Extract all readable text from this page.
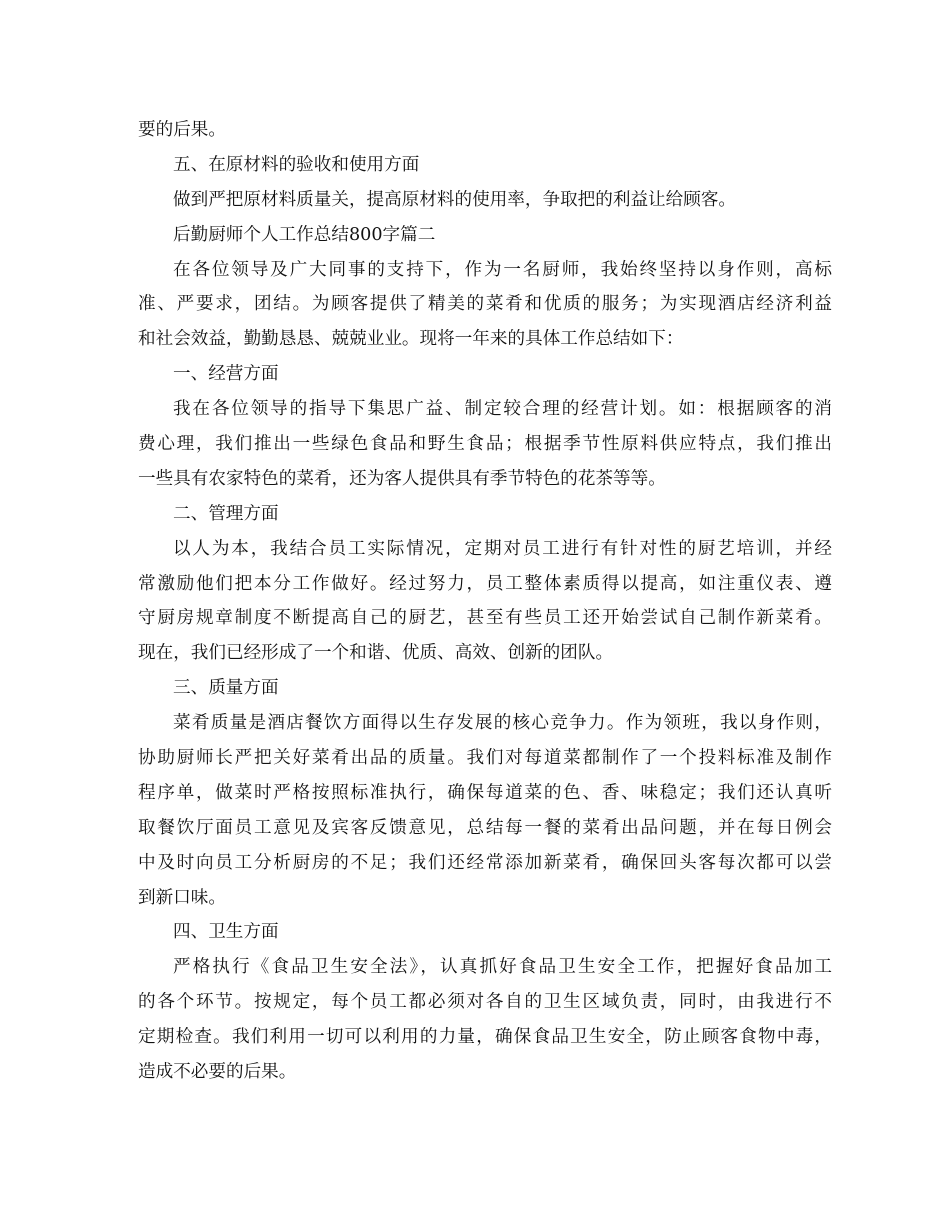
要的后果。
五、在原材料的验收和使用方面
做到严把原材料质量关，提高原材料的使用率，争取把的利益让给顾客。
后勤厨师个人工作总结800字篇二
在各位领导及广大同事的支持下，作为一名厨师，我始终坚持以身作则，高标
准、严要求，团结。为顾客提供了精美的菜肴和优质的服务；为实现酒店经济利益
和社会效益，勤勤恳恳、兢兢业业。现将一年来的具体工作总结如下：
一、经营方面
我在各位领导的指导下集思广益、制定较合理的经营计划。如：根据顾客的消
费心理，我们推出一些绿色食品和野生食品；根据季节性原料供应特点，我们推出
一些具有农家特色的菜肴，还为客人提供具有季节特色的花茶等等。
二、管理方面
以人为本，我结合员工实际情况，定期对员工进行有针对性的厨艺培训，并经
常激励他们把本分工作做好。经过努力，员工整体素质得以提高，如注重仪表、遵
守厨房规章制度不断提高自己的厨艺，甚至有些员工还开始尝试自己制作新菜肴。
现在，我们已经形成了一个和谐、优质、高效、创新的团队。
三、质量方面
菜肴质量是酒店餐饮方面得以生存发展的核心竞争力。作为领班，我以身作则，
协助厨师长严把关好菜肴出品的质量。我们对每道菜都制作了一个投料标准及制作
程序单，做菜时严格按照标准执行，确保每道菜的色、香、味稳定；我们还认真听
取餐饮厅面员工意见及宾客反馈意见，总结每一餐的菜肴出品问题，并在每日例会
中及时向员工分析厨房的不足；我们还经常添加新菜肴，确保回头客每次都可以尝
到新口味。
四、卫生方面
严格执行《食品卫生安全法》，认真抓好食品卫生安全工作，把握好食品加工
的各个环节。按规定，每个员工都必须对各自的卫生区域负责，同时，由我进行不
定期检查。我们利用一切可以利用的力量，确保食品卫生安全，防止顾客食物中毒，
造成不必要的后果。
